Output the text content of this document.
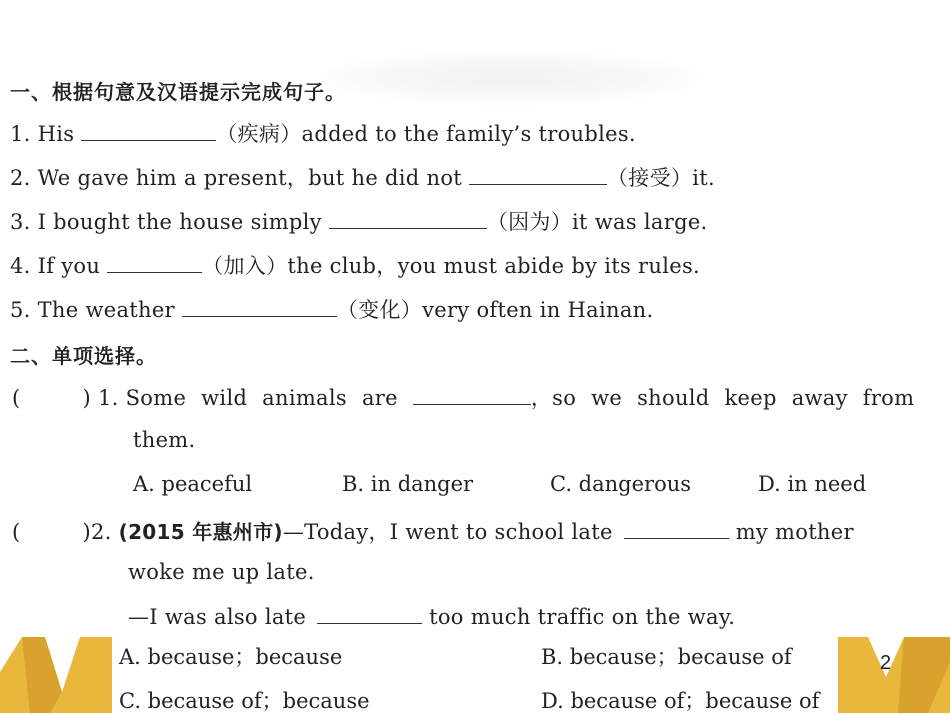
一、根据句意及汉语提示完成句子。
1. His	（疾病）added to the family’s troubles.
2. We gave him a present，but he did not	（接受）it.
3. I bought the house simply	（因为）it was large.
4. If you	（加入）the club，you must abide by its rules.
5. The weather	（变化）very often in Hainan.
二、单项选择。
(	) 1. Some wild animals are	，so we should keep away from
them.
A. peaceful	B. in danger	C. dangerous	D. in need
(	)2. (2015 年惠州市)—Today，I went to school late	my mother
woke me up late.
—I was also late	too much traffic on the way.
A. because；because	B. because；because of
C. because of；because	D. because of；because of
2
